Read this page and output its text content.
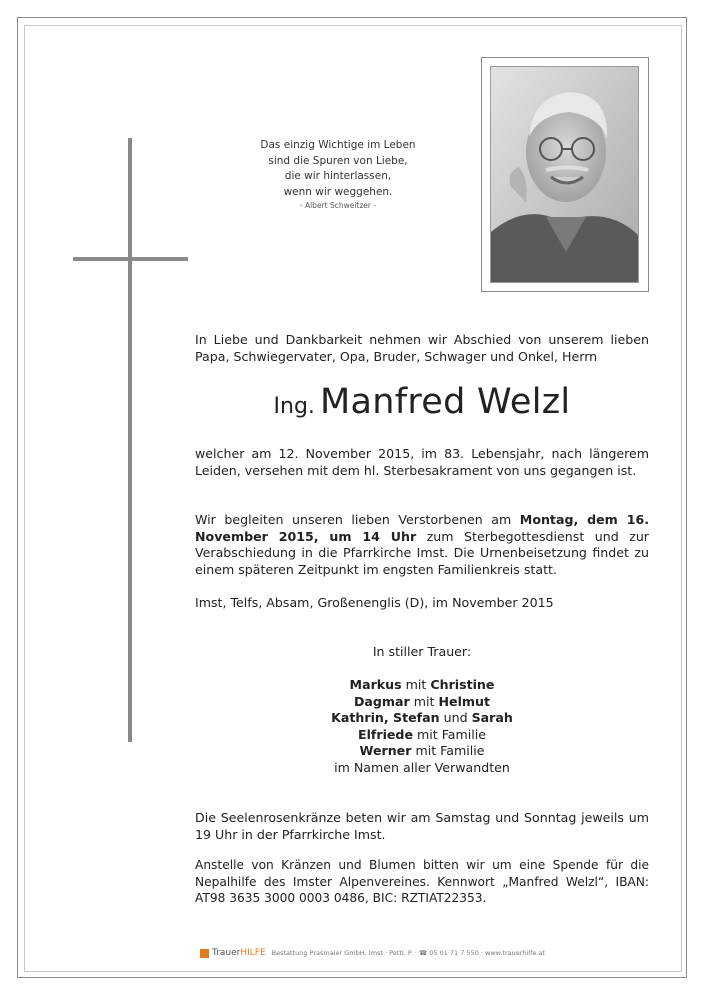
Das einzig Wichtige im Leben
sind die Spuren von Liebe,
die wir hinterlassen,
wenn wir weggehen.
- Albert Schweitzer -
In Liebe und Dankbarkeit nehmen wir Abschied von unserem lieben Papa, Schwiegervater, Opa, Bruder, Schwager und Onkel, Herrn
Ing. Manfred Welzl
welcher am 12. November 2015, im 83. Lebensjahr, nach längerem Leiden, versehen mit dem hl. Sterbesakrament von uns gegangen ist.
Wir begleiten unseren lieben Verstorbenen am Montag, dem 16. November 2015, um 14 Uhr zum Sterbegottesdienst und zur Verabschiedung in die Pfarrkirche Imst. Die Urnenbeisetzung findet zu einem späteren Zeitpunkt im engsten Familienkreis statt.
Imst, Telfs, Absam, Großenenglis (D), im November 2015
In stiller Trauer:
Markus mit Christine
Dagmar mit Helmut
Kathrin, Stefan und Sarah
Elfriede mit Familie
Werner mit Familie
im Namen aller Verwandten
Die Seelenrosenkränze beten wir am Samstag und Sonntag jeweils um 19 Uhr in der Pfarrkirche Imst.
Anstelle von Kränzen und Blumen bitten wir um eine Spende für die Nepalhilfe des Imster Alpenvereines. Kennwort „Manfred Welzl“, IBAN: AT98 3635 3000 0003 0486, BIC: RZTIAT22353.
TrauerHILFE Bestattung Prasmaier GmbH, Imst · Pettl. P. · ☎ 05 01 71 7 550 · www.trauerhilfe.at
